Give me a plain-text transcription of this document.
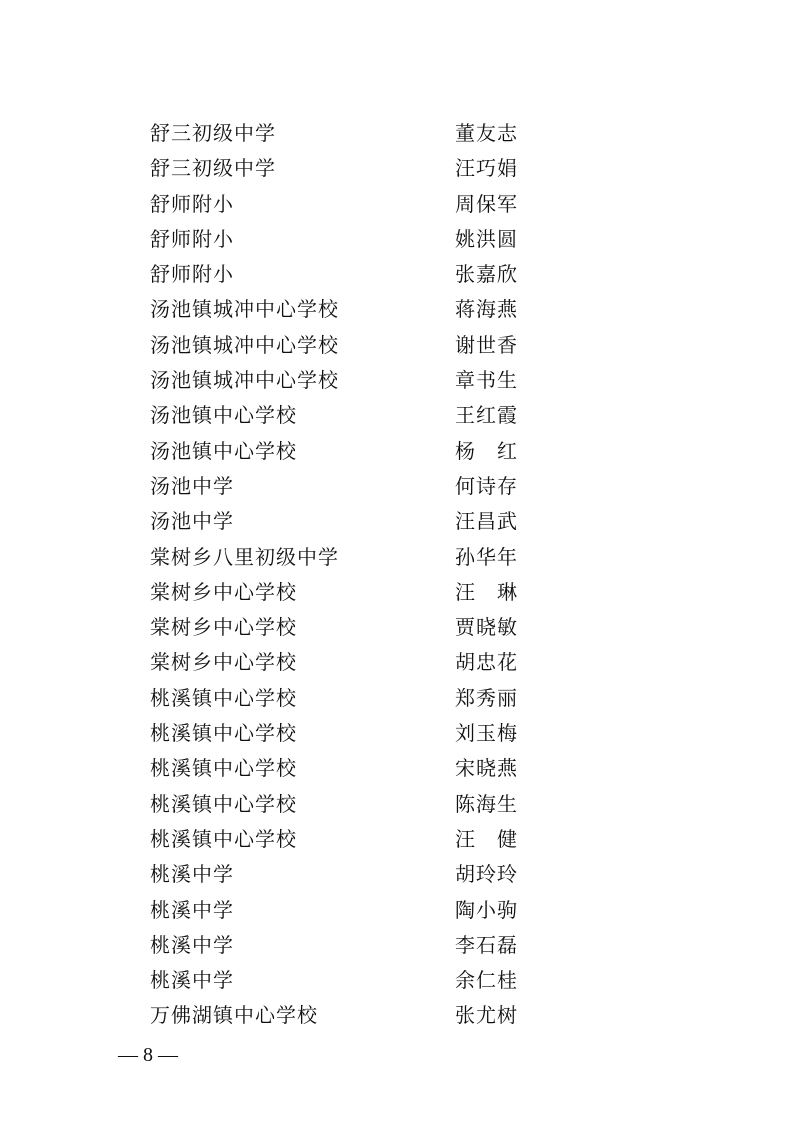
舒三初级中学	董友志
舒三初级中学	汪巧娟
舒师附小	周保军
舒师附小	姚洪圆
舒师附小	张嘉欣
汤池镇城冲中心学校	蒋海燕
汤池镇城冲中心学校	谢世香
汤池镇城冲中心学校	章书生
汤池镇中心学校	王红霞
汤池镇中心学校	杨 红
汤池中学	何诗存
汤池中学	汪昌武
棠树乡八里初级中学	孙华年
棠树乡中心学校	汪 琳
棠树乡中心学校	贾晓敏
棠树乡中心学校	胡忠花
桃溪镇中心学校	郑秀丽
桃溪镇中心学校	刘玉梅
桃溪镇中心学校	宋晓燕
桃溪镇中心学校	陈海生
桃溪镇中心学校	汪 健
桃溪中学	胡玲玲
桃溪中学	陶小驹
桃溪中学	李石磊
桃溪中学	余仁桂
万佛湖镇中心学校	张尤树
— 8 —
